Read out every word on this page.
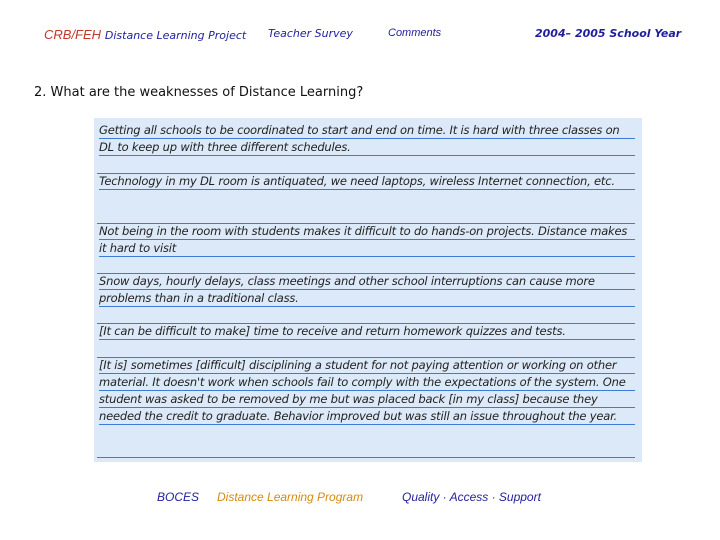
CRB/FEH Distance Learning Project Teacher Survey	Comments	2004– 2005 School Year
2. What are the weaknesses of Distance Learning?

Getting all schools to be coordinated to start and end on time. It is hard with three classes on DL to keep up with three different schedules.

Technology in my DL room is antiquated, we need laptops, wireless Internet connection, etc.

Not being in the room with students makes it difficult to do hands-on projects. Distance makes it hard to visit

Snow days, hourly delays, class meetings and other school interruptions can cause more problems than in a traditional class.

[It can be difficult to make] time to receive and return homework quizzes and tests.

[It is] sometimes [difficult] disciplining a student for not paying attention or working on other material. It doesn't work when schools fail to comply with the expectations of the system. One student was asked to be removed by me but was placed back [in my class] because they needed the credit to graduate. Behavior improved but was still an issue throughout the year.

BOCES Distance Learning Program	Quality · Access · Support
